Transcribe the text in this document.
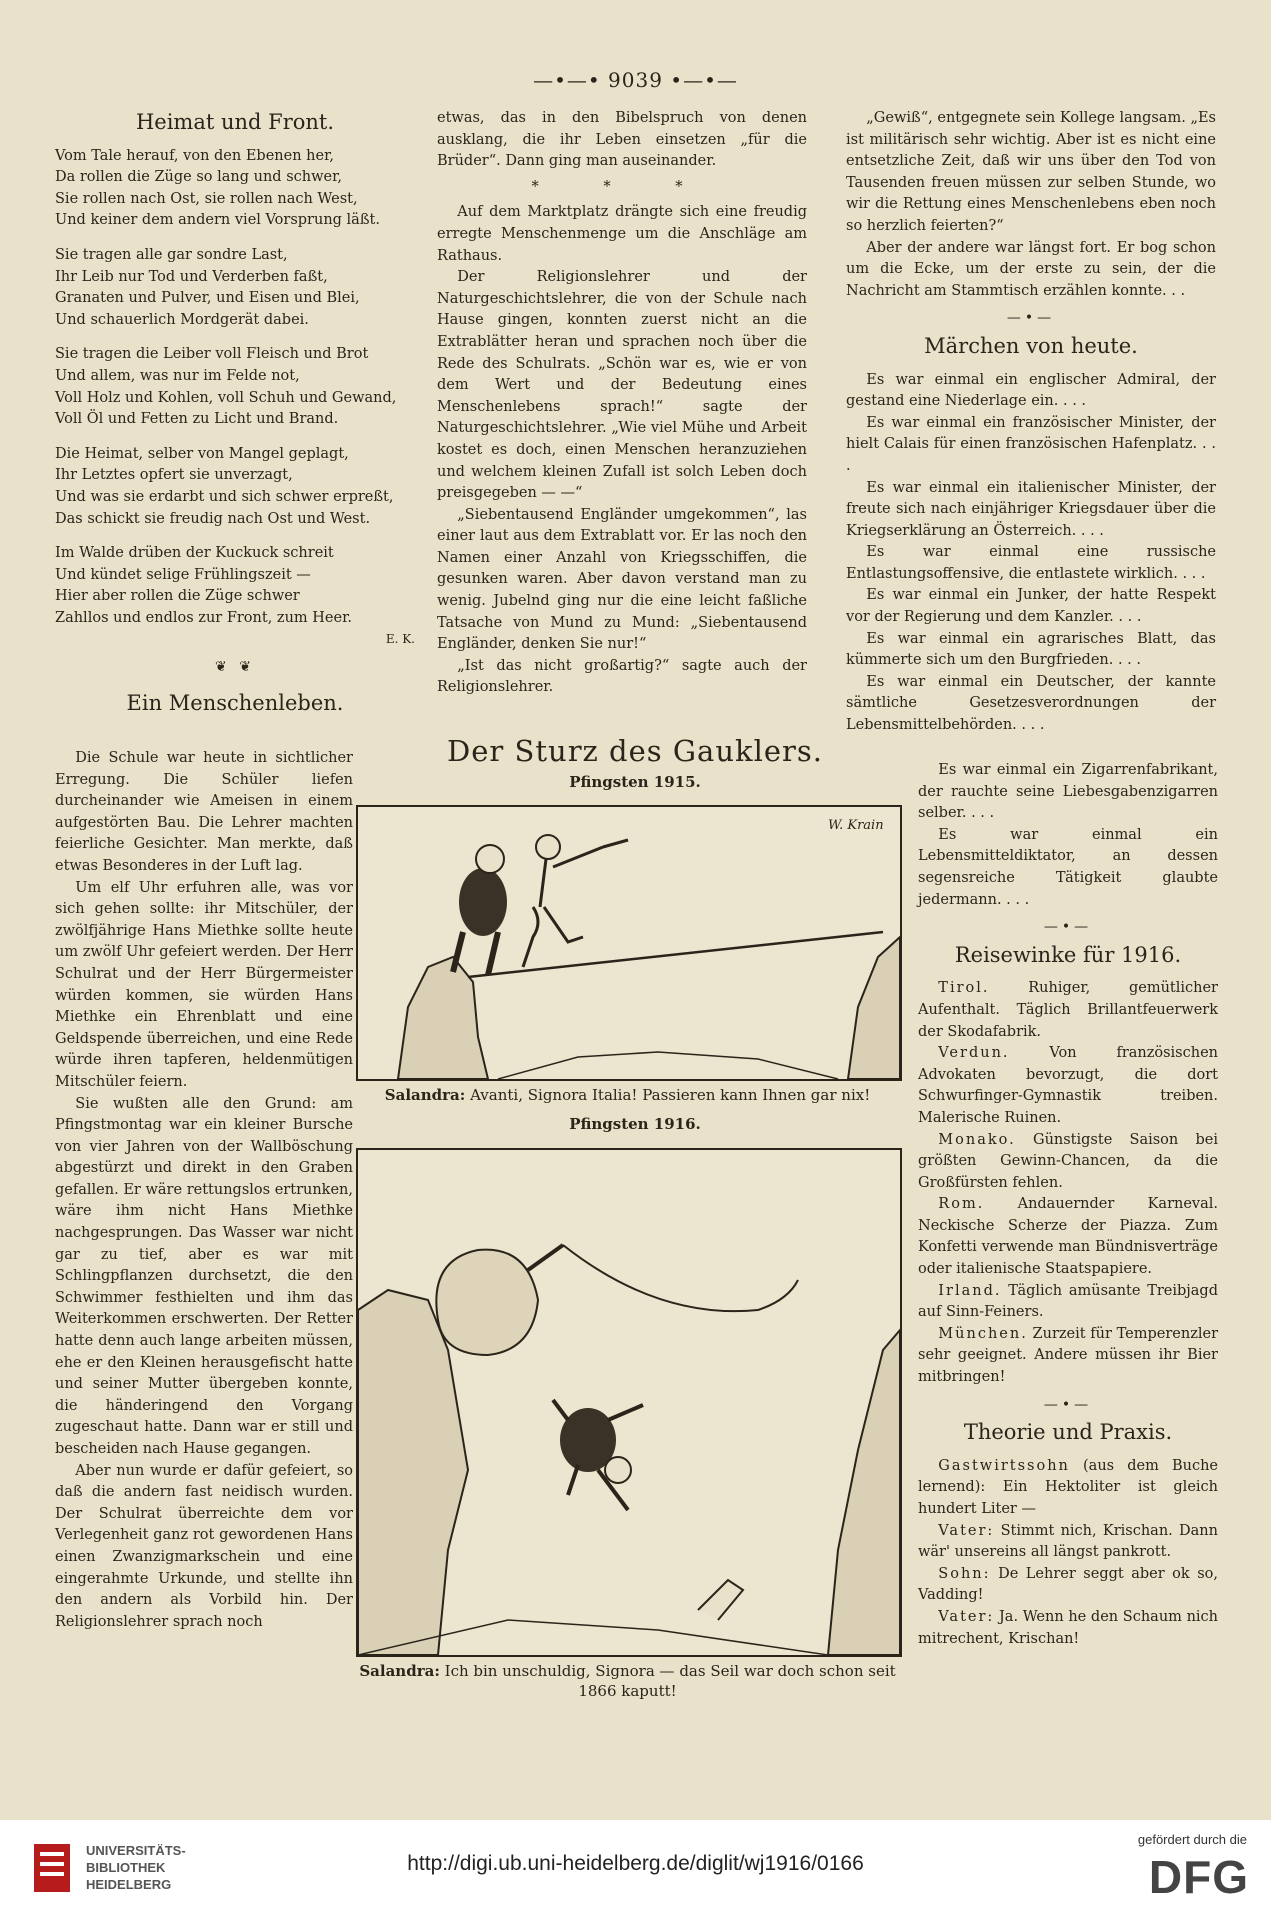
—•—• 9039 •—•—
Heimat und Front.
Vom Tale herauf, von den Ebenen her,
Da rollen die Züge so lang und schwer,
Sie rollen nach Ost, sie rollen nach West,
Und keiner dem andern viel Vorsprung läßt.
Sie tragen alle gar sondre Last,
Ihr Leib nur Tod und Verderben faßt,
Granaten und Pulver, und Eisen und Blei,
Und schauerlich Mordgerät dabei.
Sie tragen die Leiber voll Fleisch und Brot
Und allem, was nur im Felde not,
Voll Holz und Kohlen, voll Schuh und Gewand,
Voll Öl und Fetten zu Licht und Brand.
Die Heimat, selber von Mangel geplagt,
Ihr Letztes opfert sie unverzagt,
Und was sie erdarbt und sich schwer erpreßt,
Das schickt sie freudig nach Ost und West.
Im Walde drüben der Kuckuck schreit
Und kündet selige Frühlingszeit —
Hier aber rollen die Züge schwer
Zahllos und endlos zur Front, zum Heer.
E. K.
❦ ❦
Ein Menschenleben.

Die Schule war heute in sichtlicher Erregung. Die Schüler liefen durcheinander wie Ameisen in einem aufgestörten Bau. Die Lehrer machten feierliche Gesichter. Man merkte, daß etwas Besonderes in der Luft lag.

Um elf Uhr erfuhren alle, was vor sich gehen sollte: ihr Mitschüler, der zwölfjährige Hans Miethke sollte heute um zwölf Uhr gefeiert werden. Der Herr Schulrat und der Herr Bürgermeister würden kommen, sie würden Hans Miethke ein Ehrenblatt und eine Geldspende überreichen, und eine Rede würde ihren tapferen, heldenmütigen Mitschüler feiern.

Sie wußten alle den Grund: am Pfingstmontag war ein kleiner Bursche von vier Jahren von der Wallböschung abgestürzt und direkt in den Graben gefallen. Er wäre rettungslos ertrunken, wäre ihm nicht Hans Miethke nachgesprungen. Das Wasser war nicht gar zu tief, aber es war mit Schlingpflanzen durchsetzt, die den Schwimmer festhielten und ihm das Weiterkommen erschwerten. Der Retter hatte denn auch lange arbeiten müssen, ehe er den Kleinen herausgefischt hatte und seiner Mutter übergeben konnte, die händeringend den Vorgang zugeschaut hatte. Dann war er still und bescheiden nach Hause gegangen.

Aber nun wurde er dafür gefeiert, so daß die andern fast neidisch wurden. Der Schulrat überreichte dem vor Verlegenheit ganz rot gewordenen Hans einen Zwanzigmarkschein und eine eingerahmte Urkunde, und stellte ihn den andern als Vorbild hin. Der Religionslehrer sprach noch

etwas, das in den Bibelspruch von denen ausklang, die ihr Leben einsetzen „für die Brüder“. Dann ging man auseinander.

* * *

Auf dem Marktplatz drängte sich eine freudig erregte Menschenmenge um die Anschläge am Rathaus.

Der Religionslehrer und der Naturgeschichtslehrer, die von der Schule nach Hause gingen, konnten zuerst nicht an die Extrablätter heran und sprachen noch über die Rede des Schulrats. „Schön war es, wie er von dem Wert und der Bedeutung eines Menschenlebens sprach!“ sagte der Naturgeschichtslehrer. „Wie viel Mühe und Arbeit kostet es doch, einen Menschen heranzuziehen und welchem kleinen Zufall ist solch Leben doch preisgegeben — —“

„Siebentausend Engländer umgekommen“, las einer laut aus dem Extrablatt vor. Er las noch den Namen einer Anzahl von Kriegsschiffen, die gesunken waren. Aber davon verstand man zu wenig. Jubelnd ging nur die eine leicht faßliche Tatsache von Mund zu Mund: „Siebentausend Engländer, denken Sie nur!“

„Ist das nicht großartig?“ sagte auch der Religionslehrer.

„Gewiß“, entgegnete sein Kollege langsam. „Es ist militärisch sehr wichtig. Aber ist es nicht eine entsetzliche Zeit, daß wir uns über den Tod von Tausenden freuen müssen zur selben Stunde, wo wir die Rettung eines Menschenlebens eben noch so herzlich feierten?“

Aber der andere war längst fort. Er bog schon um die Ecke, um der erste zu sein, der die Nachricht am Stammtisch erzählen konnte. . .

—•—
Märchen von heute.

Es war einmal ein englischer Admiral, der gestand eine Niederlage ein. . . .

Es war einmal ein französischer Minister, der hielt Calais für einen französischen Hafenplatz. . . .

Es war einmal ein italienischer Minister, der freute sich nach einjähriger Kriegsdauer über die Kriegserklärung an Österreich. . . .

Es war einmal eine russische Entlastungsoffensive, die entlastete wirklich. . . .

Es war einmal ein Junker, der hatte Respekt vor der Regierung und dem Kanzler. . . .

Es war einmal ein agrarisches Blatt, das kümmerte sich um den Burgfrieden. . . .

Es war einmal ein Deutscher, der kannte sämtliche Gesetzesverordnungen der Lebensmittelbehörden. . . .

Es war einmal ein Zigarrenfabrikant, der rauchte seine Liebesgabenzigarren selber. . . .

Es war einmal ein Lebensmitteldiktator, an dessen segensreiche Tätigkeit glaubte jedermann. . . .

—•—
Reisewinke für 1916.

Tirol.	Ruhiger, gemütlicher Aufenthalt. Täglich Brillantfeuerwerk der Skodafabrik.

Verdun.	Von französischen Advokaten bevorzugt, die dort Schwurfinger-Gymnastik treiben. Malerische Ruinen.

Monako. Günstigste Saison bei größten Gewinn-Chancen, da die Großfürsten fehlen.

Rom. Andauernder Karneval. Neckische Scherze der Piazza. Zum Konfetti verwende man Bündnisverträge oder italienische Staatspapiere.

Irland. Täglich amüsante Treibjagd auf Sinn-Feiners.

München. Zurzeit für Temperenzler sehr geeignet. Andere müssen ihr Bier mitbringen!

—•—
Theorie und Praxis.

Gastwirtssohn (aus dem Buche lernend): Ein Hektoliter ist gleich hundert Liter —

Vater: Stimmt nich, Krischan. Dann wär' unsereins all längst pankrott.

Sohn: De Lehrer seggt aber ok so, Vadding!

Vater: Ja. Wenn he den Schaum nich mitrechent, Krischan!

Der Sturz des Gauklers.
Pfingsten 1915.
W. Krain
Salandra: Avanti, Signora Italia! Passieren kann Ihnen gar nix!
Pfingsten 1916.
Salandra: Ich bin unschuldig, Signora — das Seil war doch schon seit 1866 kaputt!
UNIVERSITÄTS-
BIBLIOTHEK
HEIDELBERG
http://digi.ub.uni-heidelberg.de/diglit/wj1916/0166
gefördert durch die
DFG
